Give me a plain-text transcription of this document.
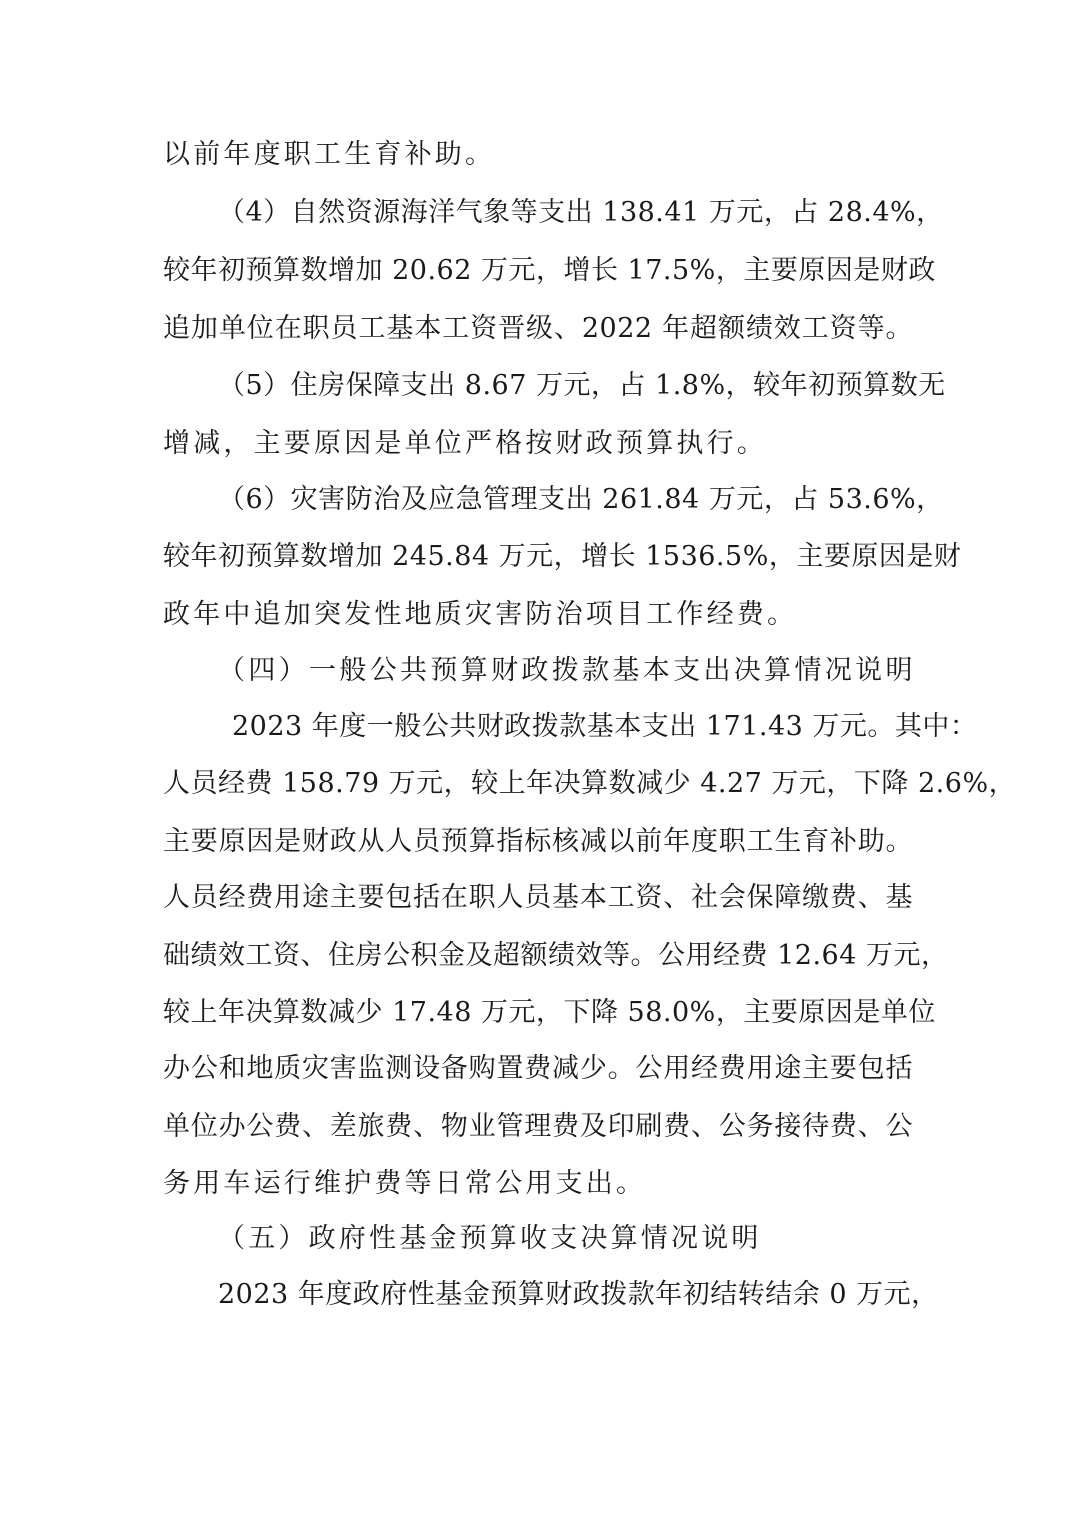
以前年度职工生育补助。
（4）自然资源海洋气象等支出 138.41 万元，占 28.4%，
较年初预算数增加 20.62 万元，增长 17.5%，主要原因是财政
追加单位在职员工基本工资晋级、2022 年超额绩效工资等。
（5）住房保障支出 8.67 万元，占 1.8%，较年初预算数无
增减，主要原因是单位严格按财政预算执行。
（6）灾害防治及应急管理支出 261.84 万元，占 53.6%，
较年初预算数增加 245.84 万元，增长 1536.5%，主要原因是财
政年中追加突发性地质灾害防治项目工作经费。
（四）一般公共预算财政拨款基本支出决算情况说明
2023 年度一般公共财政拨款基本支出 171.43 万元。其中：
人员经费 158.79 万元，较上年决算数减少 4.27 万元，下降 2.6%，
主要原因是财政从人员预算指标核减以前年度职工生育补助。
人员经费用途主要包括在职人员基本工资、社会保障缴费、基
础绩效工资、住房公积金及超额绩效等。公用经费 12.64 万元，
较上年决算数减少 17.48 万元，下降 58.0%，主要原因是单位
办公和地质灾害监测设备购置费减少。公用经费用途主要包括
单位办公费、差旅费、物业管理费及印刷费、公务接待费、公
务用车运行维护费等日常公用支出。
（五）政府性基金预算收支决算情况说明
2023 年度政府性基金预算财政拨款年初结转结余 0 万元，
